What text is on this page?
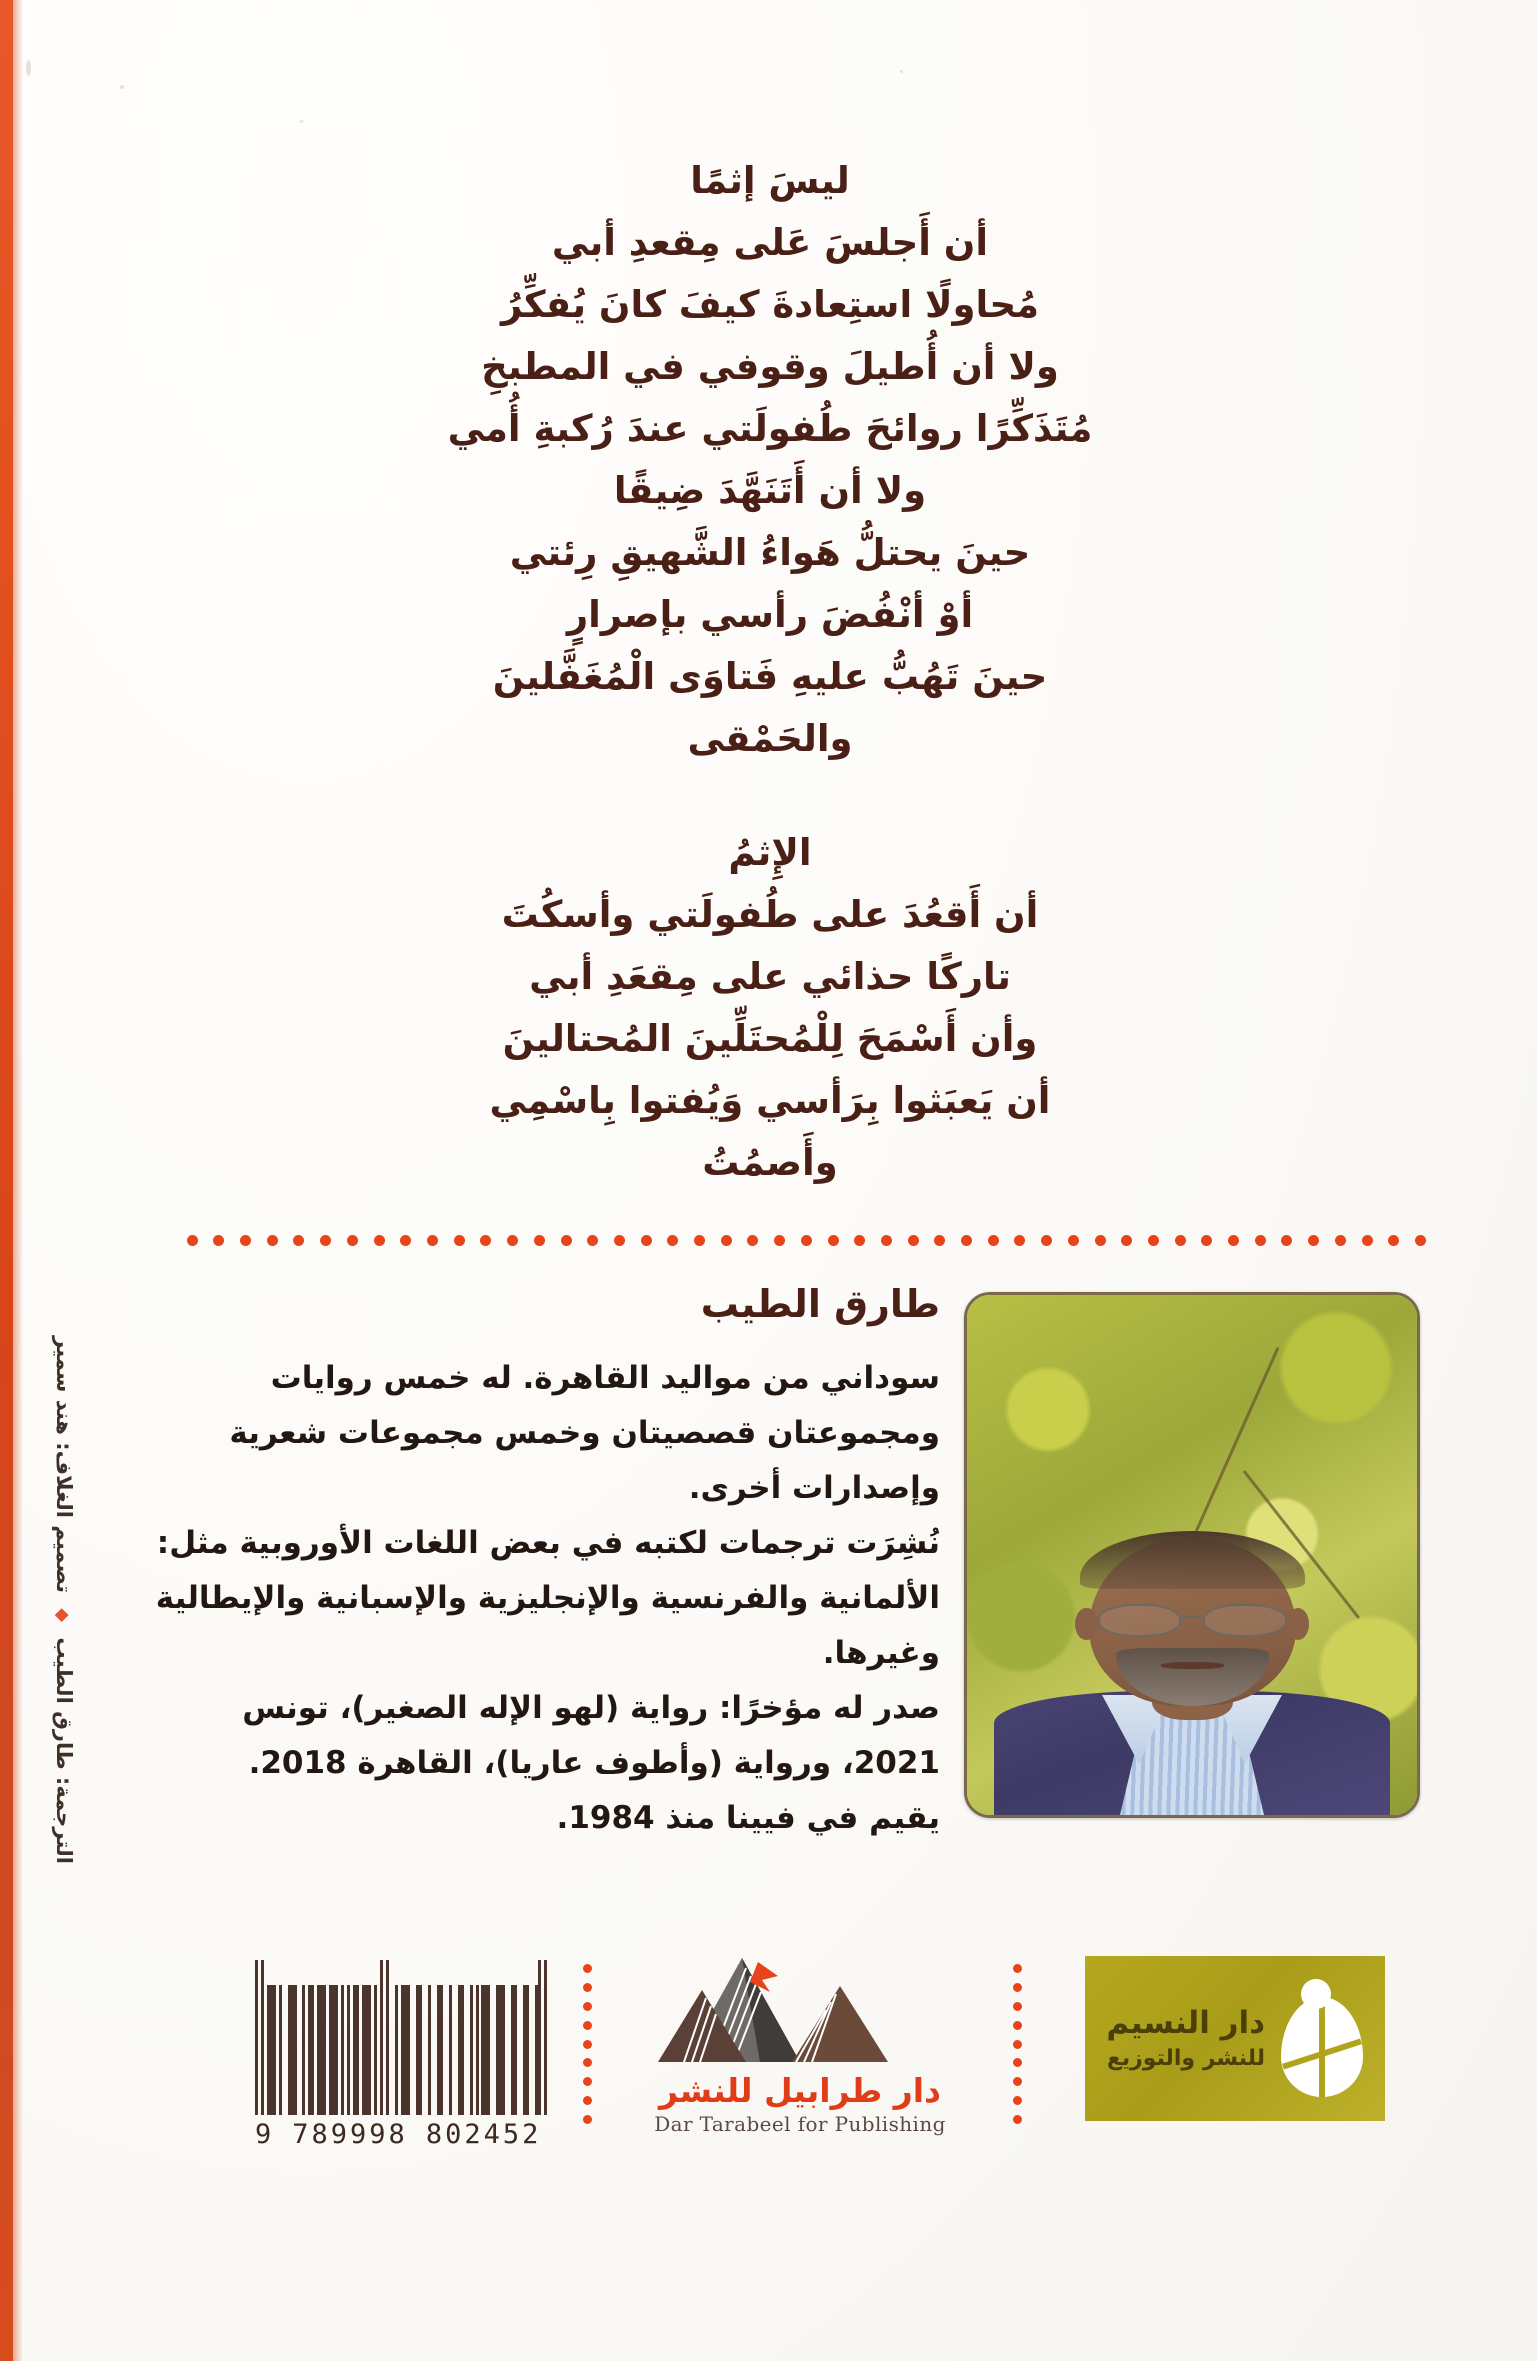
ليسَ إثمًا
أن أَجلسَ عَلى مِقعدِ أبي
مُحاولًا استِعادةَ كيفَ كانَ يُفكِّرُ
ولا أن أُطيلَ وقوفي في المطبخِ
مُتَذَكِّرًا روائحَ طُفولَتي عندَ رُكبةِ أُمي
ولا أن أَتَنَهَّدَ ضِيقًا
حينَ يحتلُّ هَواءُ الشَّهيقِ رِئتي
أوْ أنْفُضَ رأسي بإصرارٍ
حينَ تَهُبُّ عليهِ فَتاوَى الْمُغَفَّلينَ
والحَمْقى
الإِثمُ
أن أَقعُدَ على طُفولَتي وأسكُتَ
تاركًا حذائي على مِقعَدِ أبي
وأن أَسْمَحَ لِلْمُحتَلِّينَ المُحتالينَ
أن يَعبَثوا بِرَأسي وَيُفتوا بِاسْمِي
وأَصمُتُ
طارق الطيب

سوداني من مواليد القاهرة. له خمس روايات

ومجموعتان قصصيتان وخمس مجموعات شعرية

وإصدارات أخرى.

نُشِرَت ترجمات لكتبه في بعض اللغات الأوروبية مثل:

الألمانية والفرنسية والإنجليزية والإسبانية والإيطالية

وغيرها.

صدر له مؤخرًا: رواية (لهو الإله الصغير)، تونس

2021، ورواية (وأطوف عاريا)، القاهرة 2018.

يقيم في فيينا منذ 1984.

9 789998 802452
دار طرابيل للنشر
Dar Tarabeel for Publishing
دار النسيم
للنشر والتوزيع
الترجمة: طارق الطيب ◆ تصميم الغلاف: هند سمير
